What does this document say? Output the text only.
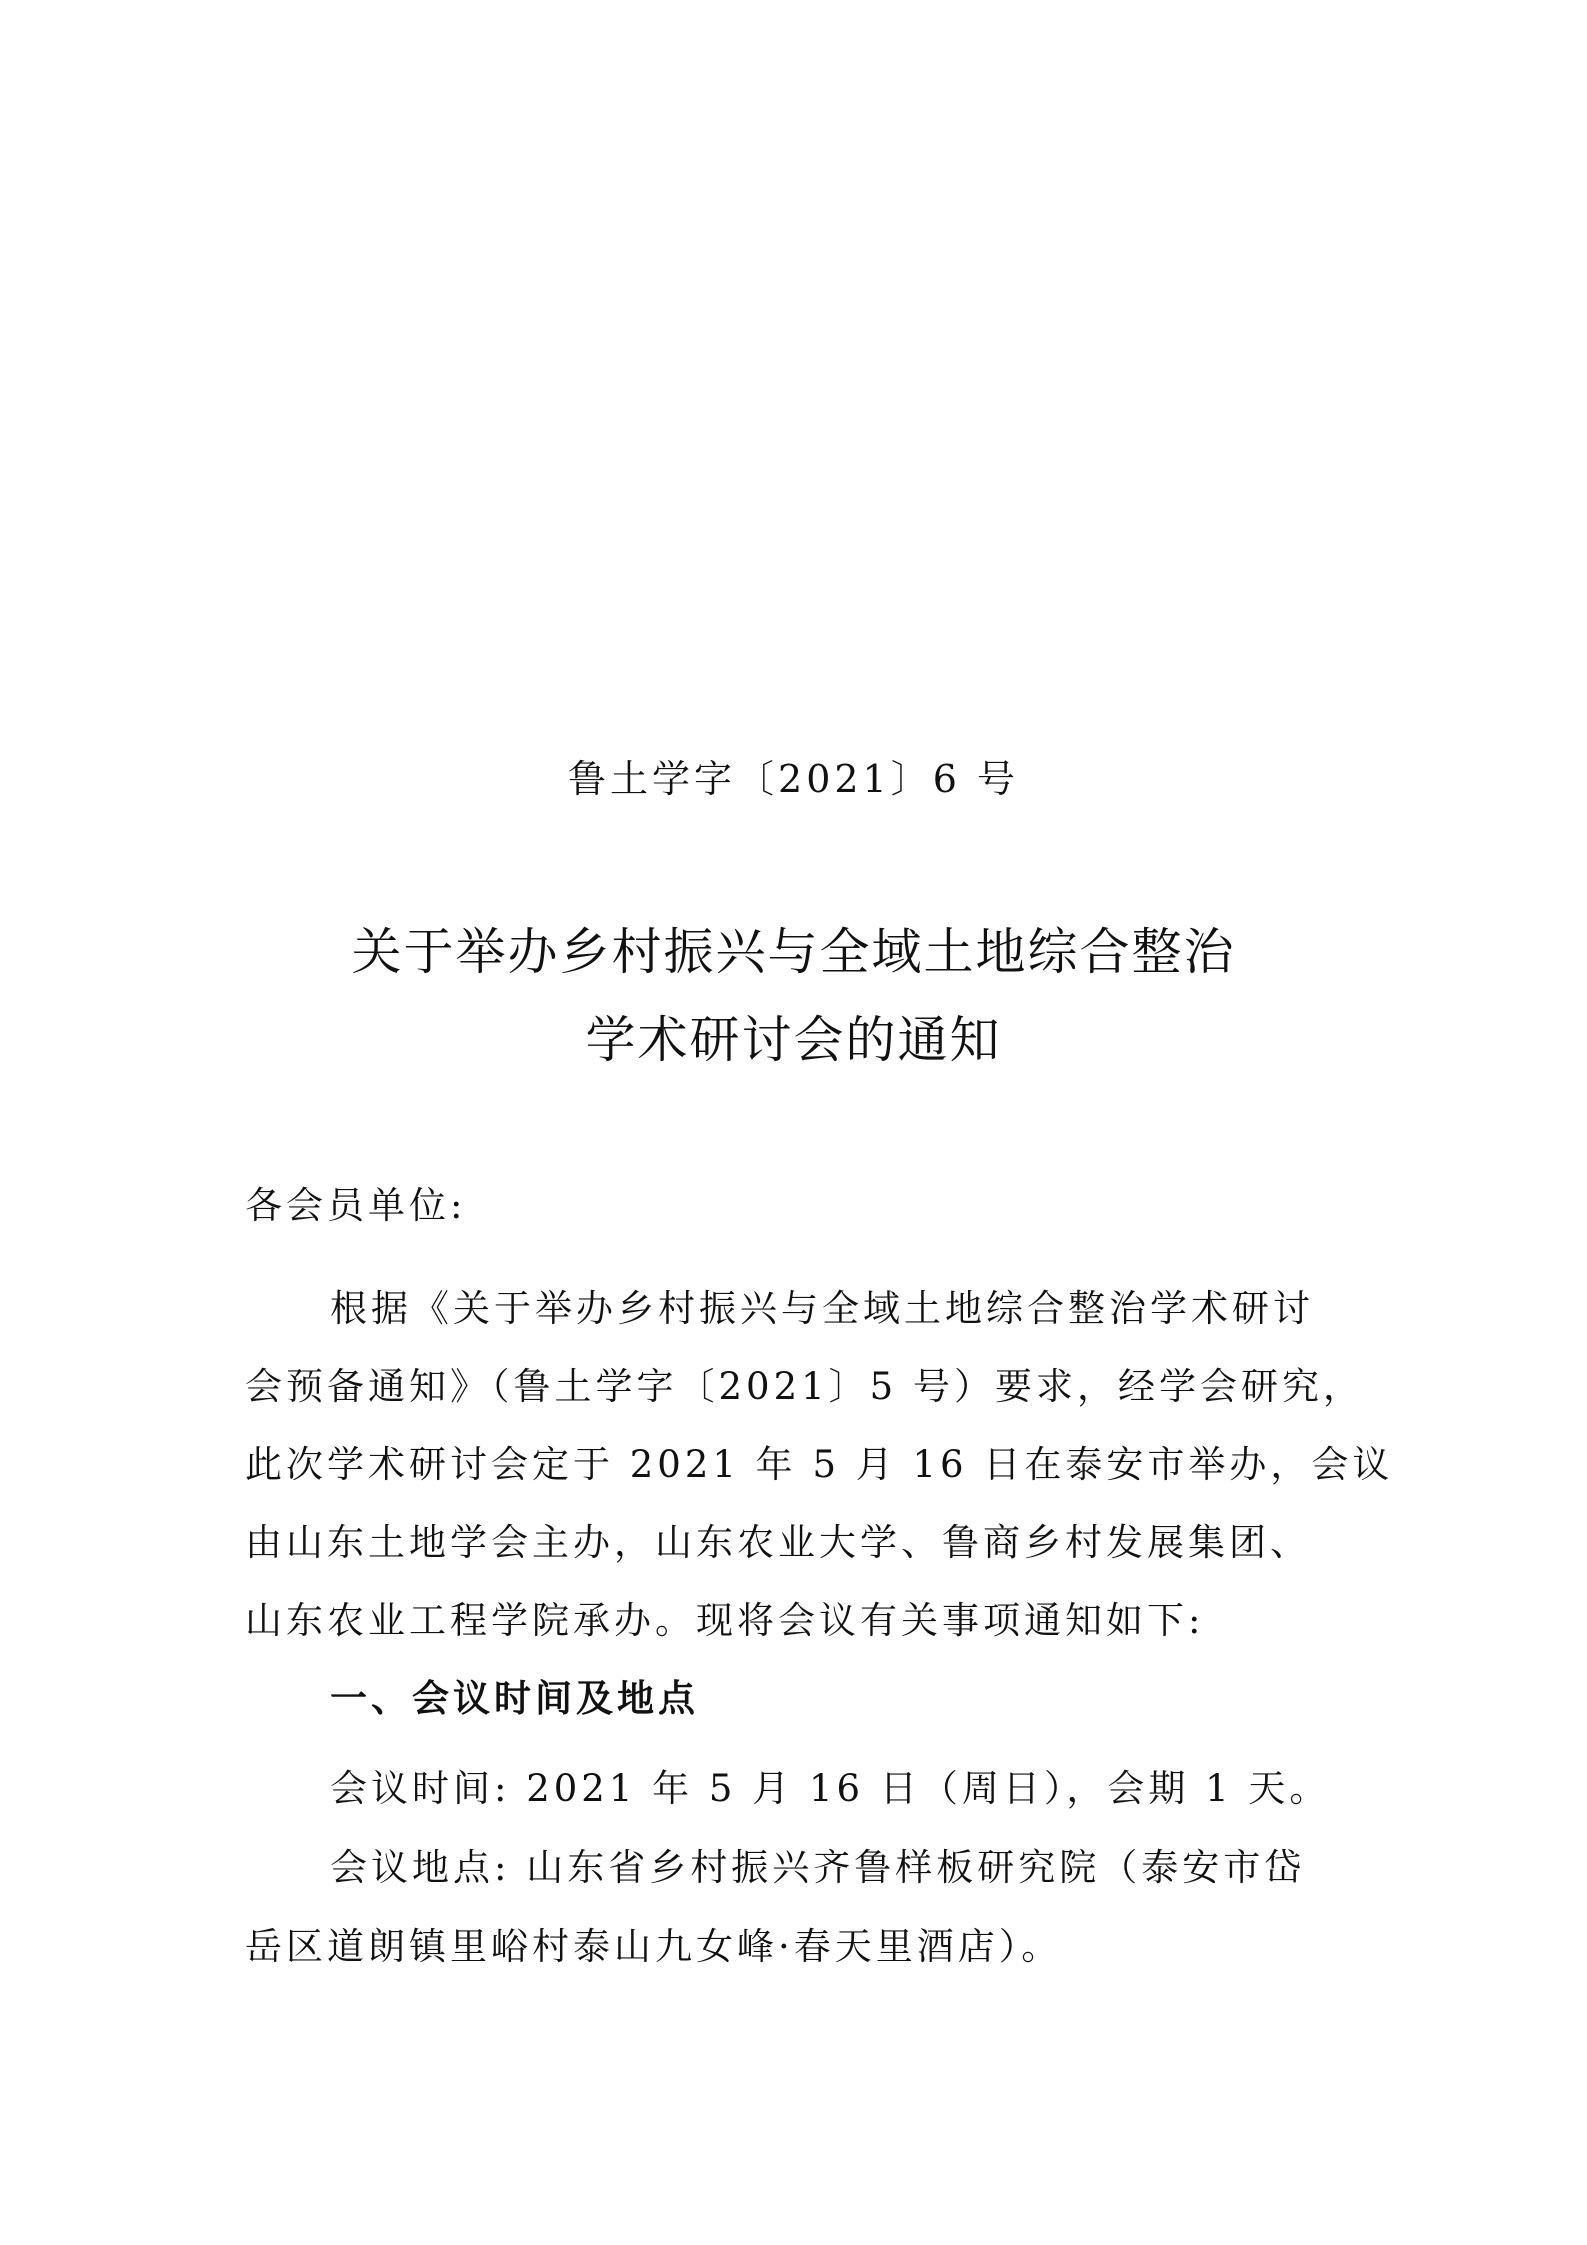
鲁土学字〔2021〕6 号
关于举办乡村振兴与全域土地综合整治
学术研讨会的通知
各会员单位:
根据《关于举办乡村振兴与全域土地综合整治学术研讨
会预备通知》（鲁土学字〔2021〕5 号）要求，经学会研究，
此次学术研讨会定于 2021 年 5 月 16 日在泰安市举办，会议
由山东土地学会主办，山东农业大学、鲁商乡村发展集团、
山东农业工程学院承办。现将会议有关事项通知如下:
一、会议时间及地点
会议时间: 2021 年 5 月 16 日（周日），会期 1 天。
会议地点: 山东省乡村振兴齐鲁样板研究院（泰安市岱
岳区道朗镇里峪村泰山九女峰·春天里酒店）。
